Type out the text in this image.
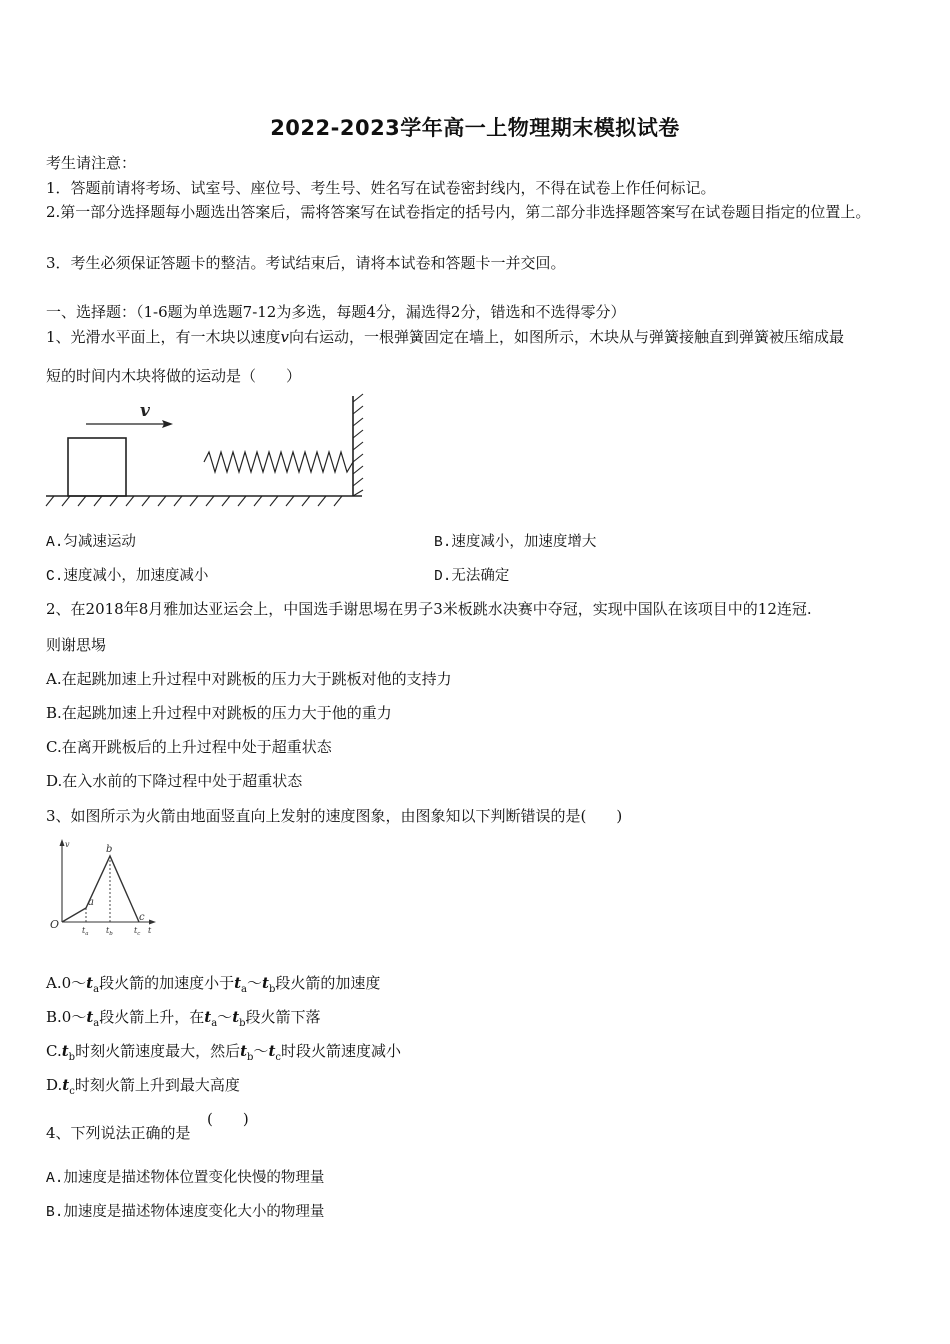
2022-2023学年高一上物理期末模拟试卷
考生请注意：
1．答题前请将考场、试室号、座位号、考生号、姓名写在试卷密封线内，不得在试卷上作任何标记。
2.第一部分选择题每小题选出答案后，需将答案写在试卷指定的括号内，第二部分非选择题答案写在试卷题目指定的位置上。
3．考生必须保证答题卡的整洁。考试结束后，请将本试卷和答题卡一并交回。
一、选择题：（1-6题为单选题7-12为多选，每题4分，漏选得2分，错选和不选得零分）
1、光滑水平面上，有一木块以速度v向右运动，一根弹簧固定在墙上，如图所示，木块从与弹簧接触直到弹簧被压缩成最
短的时间内木块将做的运动是（　　）
v
A.匀减速运动	B.速度减小，加速度增大
C.速度减小，加速度减小	D.无法确定
2、在2018年8月雅加达亚运会上，中国选手谢思埸在男子3米板跳水决赛中夺冠，实现中国队在该项目中的12连冠.
则谢思埸
A.在起跳加速上升过程中对跳板的压力大于跳板对他的支持力
B.在起跳加速上升过程中对跳板的压力大于他的重力
C.在离开跳板后的上升过程中处于超重状态
D.在入水前的下降过程中处于超重状态
3、如图所示为火箭由地面竖直向上发射的速度图象，由图象知以下判断错误的是(　　)
v
t
O
a
b
c
$t_a$ $t_b$	$t_c$
$A.0\sim t_a$段火箭的加速度小于$t_a\sim t_b$段火箭的加速度
$B.0\sim t_a$段火箭上升，在$t_a\sim t_b$段火箭下落
$C.t_b$时刻火箭速度最大，然后$t_b\sim t_c$时段火箭速度减小
$D.t_c$时刻火箭上升到最大高度
4、下列说法正确的是
(　　)
A.加速度是描述物体位置变化快慢的物理量
B.加速度是描述物体速度变化大小的物理量
